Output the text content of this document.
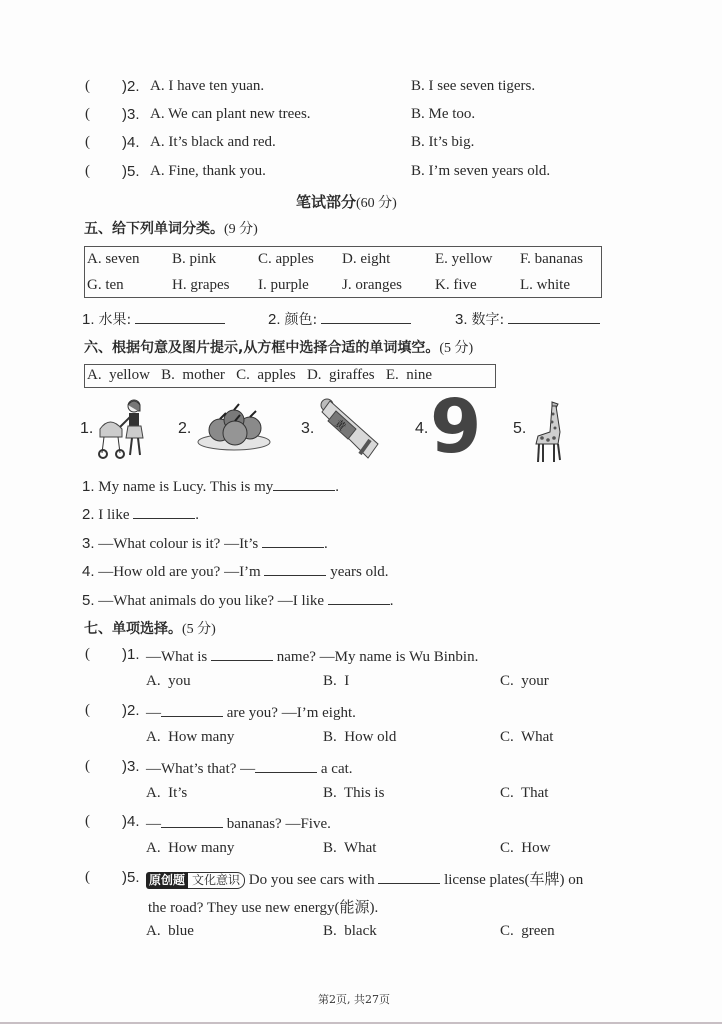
( )2. A. I have ten yuan.	B. I see seven tigers.
( )3. A. We can plant new trees.	B. Me too.
( )4. A. It’s black and red.	B. It’s big.
( )5. A. Fine, thank you.	B. I’m seven years old.
笔试部分(60 分)
五、给下列单词分类。(9 分)
A. seven B. pink	C. apples D. eight	E. yellow F. bananas
G. ten	H. grapes I. purple J. oranges K. five	L. white
1. 水果:	2. 颜色:	3. 数字:
六、根据句意及图片提示,从方框中选择合适的单词填空。(5 分)
A.  yellow   B.  mother   C.  apples   D.  giraffes   E.  nine
1.	2.	3. 黄	4. 9 5.
1. My name is Lucy. This is my	.
2. I like	.
3. —What colour is it? —It’s	.
4. —How old are you? —I’m	years old.
5. —What animals do you like? —I like	.
七、单项选择。(5 分)
( )1. —What is	name? —My name is Wu Binbin.
A.  you	B.  I	C.  your
( )2. —	are you? —I’m eight.
A.  How many	B.  How old	C.  What
( )3. —What’s that? —	a cat.
A.  It’s	B.  This is	C.  That
( )4. —	bananas? —Five.
A.  How many	B.  What	C.  How
( )5. 原创题 文化意识 Do you see cars with	license plates(车牌) on
the road? They use new energy(能源).
A.  blue	B.  black	C.  green
第2页, 共27页
